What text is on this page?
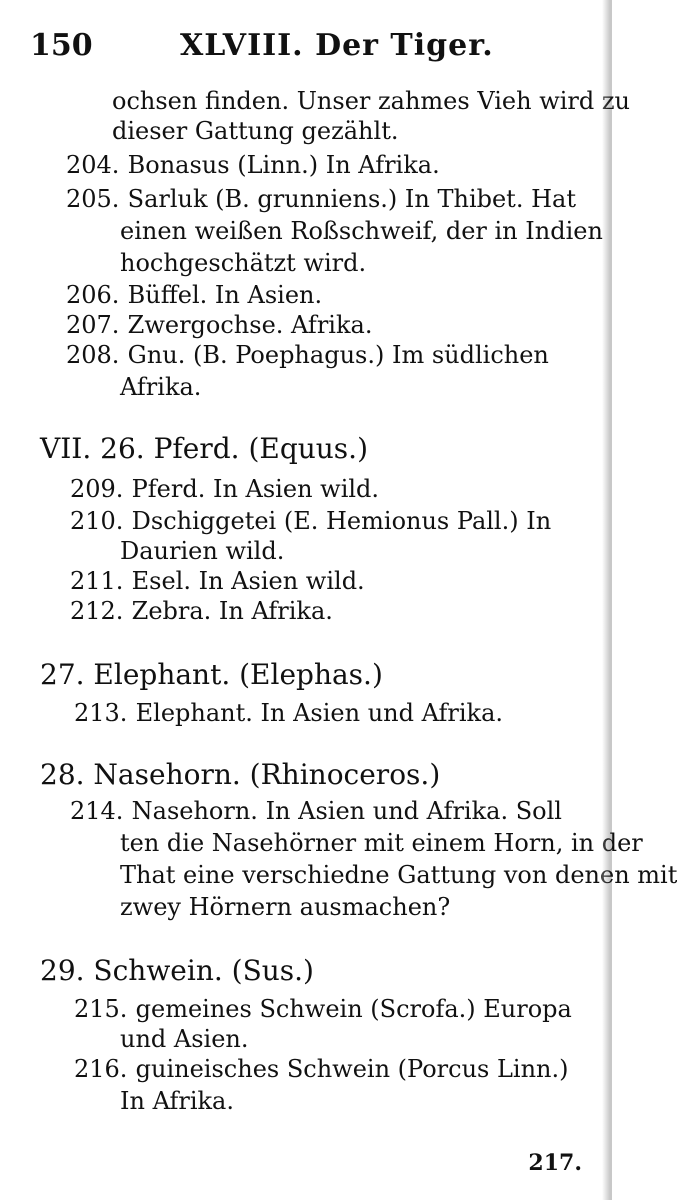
150	XLVIII. Der Tiger.
ochsen finden. Unser zahmes Vieh wird zu
dieser Gattung gezählt.
204. Bonasus (Linn.) In Afrika.
205. Sarluk (B. grunniens.) In Thibet. Hat
einen weißen Roßschweif, der in Indien
hochgeschätzt wird.
206. Büffel. In Asien.
207. Zwergochse. Afrika.
208. Gnu. (B. Poephagus.) Im südlichen
Afrika.
VII. 26. Pferd. (Equus.)
209. Pferd. In Asien wild.
210. Dschiggetei (E. Hemionus Pall.) In
Daurien wild.
211. Esel. In Asien wild.
212. Zebra. In Afrika.
27. Elephant. (Elephas.)
213. Elephant. In Asien und Afrika.
28. Nasehorn. (Rhinoceros.)
214. Nasehorn. In Asien und Afrika. Soll
ten die Nasehörner mit einem Horn, in der
That eine verschiedne Gattung von denen mit
zwey Hörnern ausmachen?
29. Schwein. (Sus.)
215. gemeines Schwein (Scrofa.) Europa
und Asien.
216. guineisches Schwein (Porcus Linn.)
In Afrika.
217.
